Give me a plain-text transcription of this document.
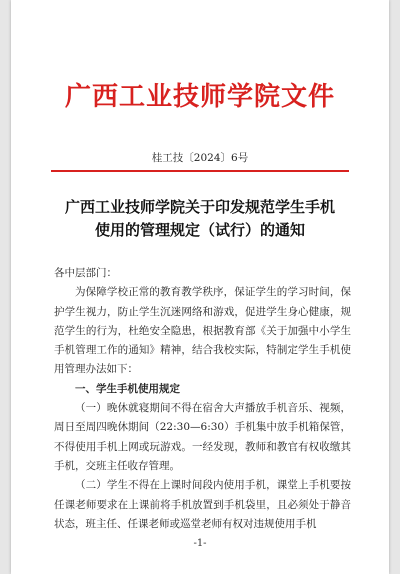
广西工业技师学院文件
桂工技〔2024〕6号
广西工业技师学院关于印发规范学生手机
使用的管理规定（试行）的通知

各中层部门：

为保障学校正常的教育教学秩序，保证学生的学习时间，保护学生视力，防止学生沉迷网络和游戏，促进学生身心健康，规范学生的行为，杜绝安全隐患，根据教育部《关于加强中小学生手机管理工作的通知》精神，结合我校实际，特制定学生手机使用管理办法如下：

一、学生手机使用规定

（一）晚休就寝期间不得在宿舍大声播放手机音乐、视频，周日至周四晚休期间（22:30—6:30）手机集中放手机箱保管，不得使用手机上网或玩游戏。一经发现，教师和教官有权收缴其手机，交班主任收存管理。

（二）学生不得在上课时间段内使用手机，课堂上手机要按任课老师要求在上课前将手机放置到手机袋里，且必须处于静音状态，班主任、任课老师或巡堂老师有权对违规使用手机

-1-
